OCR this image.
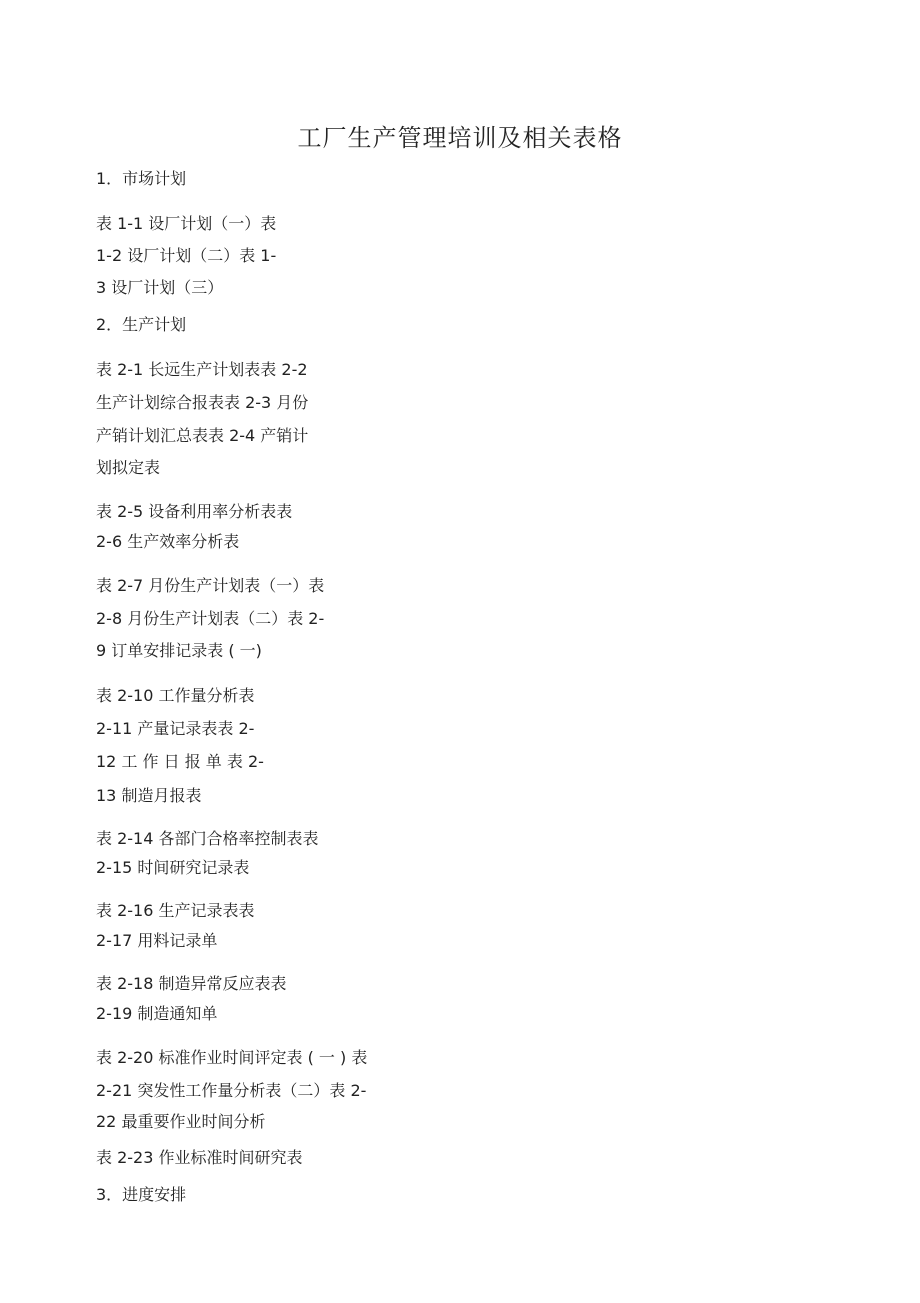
工厂生产管理培训及相关表格
1．市场计划
表 1-1 设厂计划（一）表
1-2 设厂计划（二）表 1-
3 设厂计划（三）
2．生产计划
表 2-1 长远生产计划表表 2-2
生产计划综合报表表 2-3 月份
产销计划汇总表表 2-4 产销计
划拟定表
表 2-5 设备利用率分析表表
2-6 生产效率分析表
表 2-7 月份生产计划表（一）表
2-8 月份生产计划表（二）表 2-
9 订单安排记录表 ( 一)
表 2-10 工作量分析表
2-11 产量记录表表 2-
12 工 作 日 报 单 表 2-
13 制造月报表
表 2-14 各部门合格率控制表表
2-15 时间研究记录表
表 2-16 生产记录表表
2-17 用料记录单
表 2-18 制造异常反应表表
2-19 制造通知单
表 2-20 标准作业时间评定表 ( 一 ) 表
2-21 突发性工作量分析表（二）表 2-
22 最重要作业时间分析
表 2-23 作业标准时间研究表
3．进度安排
